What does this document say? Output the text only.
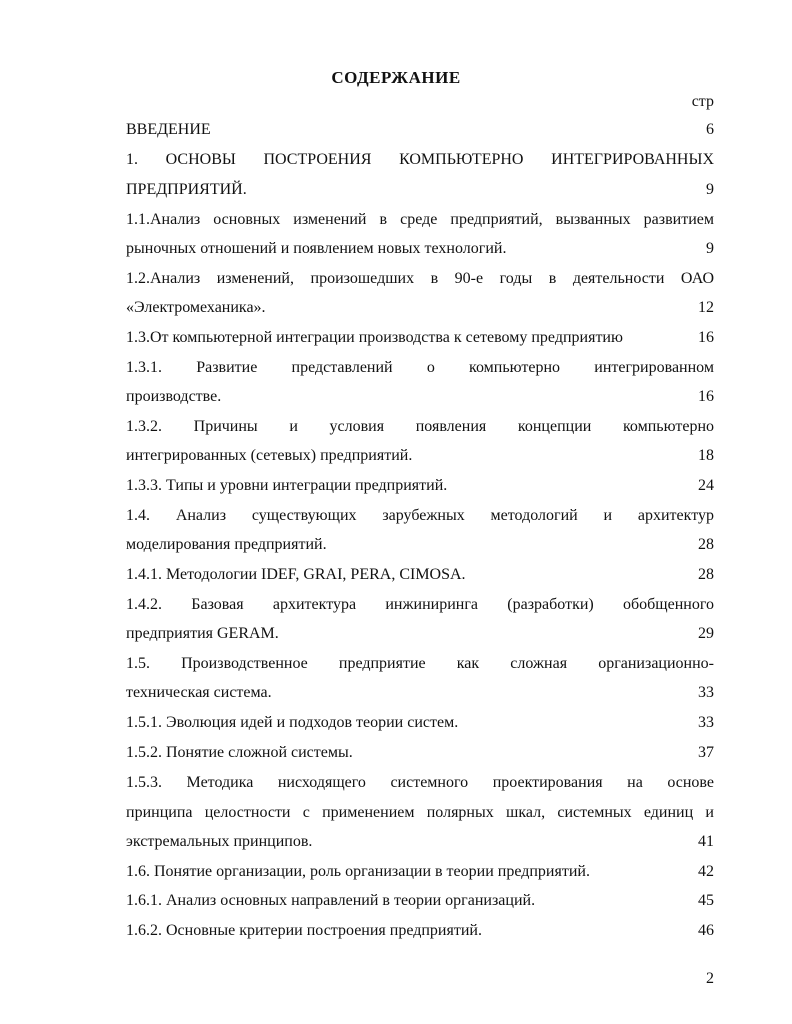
СОДЕРЖАНИЕ
стр
ВВЕДЕНИЕ	6
1. ОСНОВЫ ПОСТРОЕНИЯ КОМПЬЮТЕРНО ИНТЕГРИРОВАННЫХ
ПРЕДПРИЯТИЙ.	9
1.1.Анализ основных изменений в среде предприятий, вызванных развитием
рыночных отношений и появлением новых технологий.	9
1.2.Анализ изменений, произошедших в 90-е годы в деятельности ОАО
«Электромеханика».	12
1.3.От компьютерной интеграции производства к сетевому предприятию	16
1.3.1. Развитие представлений о компьютерно интегрированном
производстве.	16
1.3.2. Причины и условия появления концепции компьютерно
интегрированных (сетевых) предприятий.	18
1.3.3. Типы и уровни интеграции предприятий.	24
1.4. Анализ существующих зарубежных методологий и архитектур
моделирования предприятий.	28
1.4.1. Методологии IDEF, GRAI, PERA, CIMOSA.	28
1.4.2. Базовая архитектура инжиниринга (разработки) обобщенного
предприятия GERAM.	29
1.5. Производственное предприятие как сложная организационно-
техническая система.	33
1.5.1. Эволюция идей и подходов теории систем.	33
1.5.2. Понятие сложной системы.	37
1.5.3. Методика нисходящего системного проектирования на основе
принципа целостности с применением полярных шкал, системных единиц и
экстремальных принципов.	41
1.6. Понятие организации, роль организации в теории предприятий.	42
1.6.1. Анализ основных направлений в теории организаций.	45
1.6.2. Основные критерии построения предприятий.	46
2
